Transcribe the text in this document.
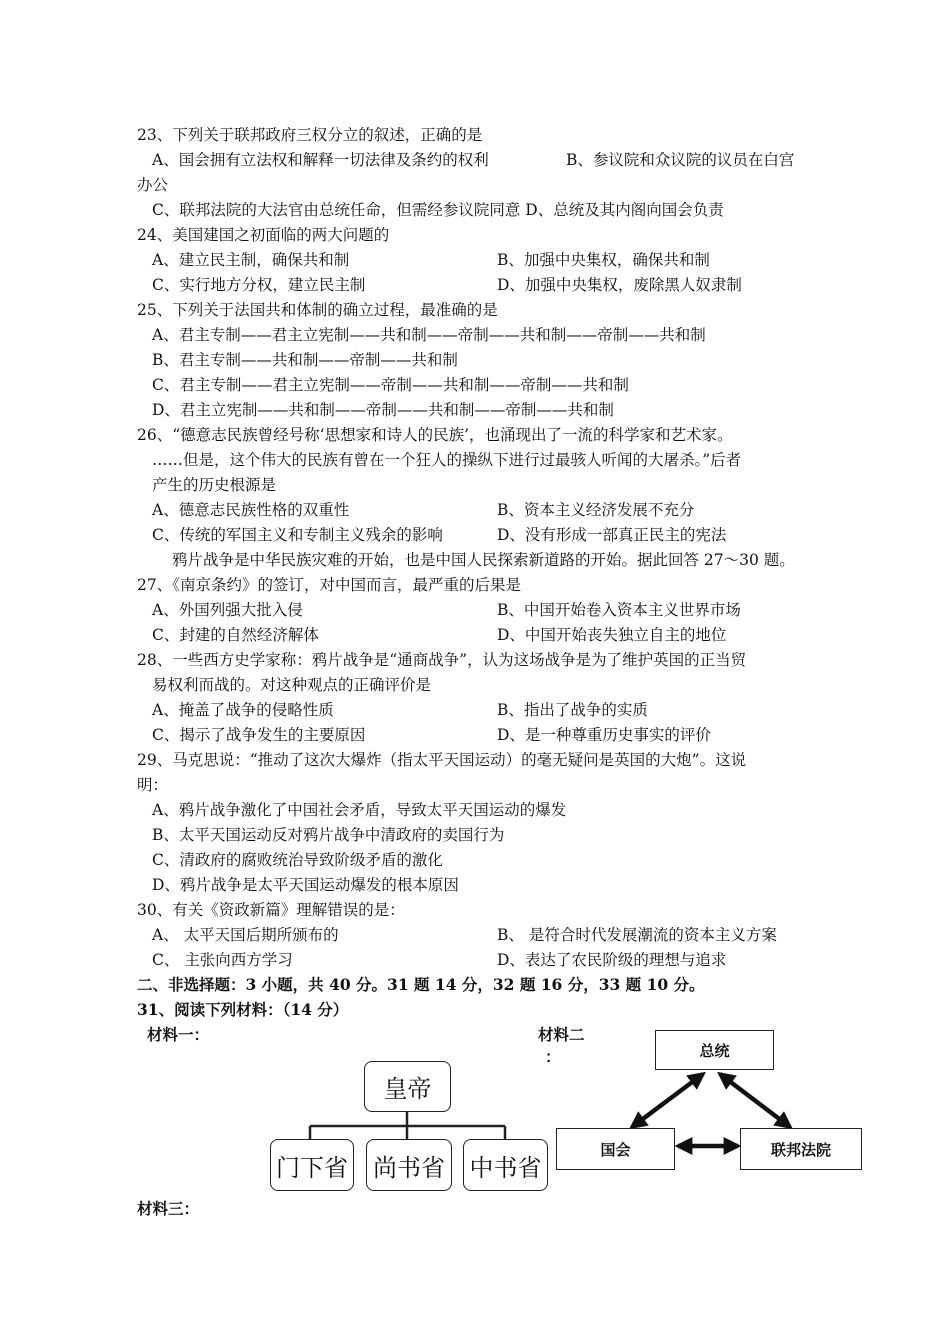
23、下列关于联邦政府三权分立的叙述，正确的是
A、国会拥有立法权和解释一切法律及条约的权利	B、参议院和众议院的议员在白宫
办公
C、联邦法院的大法官由总统任命，但需经参议院同意 D、总统及其内阁向国会负责
24、美国建国之初面临的两大问题的
A、建立民主制，确保共和制	B、加强中央集权，确保共和制
C、实行地方分权，建立民主制	D、加强中央集权，废除黑人奴隶制
25、下列关于法国共和体制的确立过程，最准确的是
A、君主专制——君主立宪制——共和制——帝制——共和制——帝制——共和制
B、君主专制——共和制——帝制——共和制
C、君主专制——君主立宪制——帝制——共和制——帝制——共和制
D、君主立宪制——共和制——帝制——共和制——帝制——共和制
26、“德意志民族曾经号称‘思想家和诗人的民族’，也涌现出了一流的科学家和艺术家。
……但是，这个伟大的民族有曾在一个狂人的操纵下进行过最骇人听闻的大屠杀。”后者
产生的历史根源是
A、德意志民族性格的双重性	B、资本主义经济发展不充分
C、传统的军国主义和专制主义残余的影响	D、没有形成一部真正民主的宪法
鸦片战争是中华民族灾难的开始，也是中国人民探索新道路的开始。据此回答 27～30 题。
27、《南京条约》的签订，对中国而言，最严重的后果是
A、外国列强大批入侵	B、中国开始卷入资本主义世界市场
C、封建的自然经济解体	D、中国开始丧失独立自主的地位
28、一些西方史学家称：鸦片战争是“通商战争”，认为这场战争是为了维护英国的正当贸
易权利而战的。对这种观点的正确评价是
A、掩盖了战争的侵略性质	B、指出了战争的实质
C、揭示了战争发生的主要原因	D、是一种尊重历史事实的评价
29、马克思说：“推动了这次大爆炸（指太平天国运动）的毫无疑问是英国的大炮”。这说
明：
A、鸦片战争激化了中国社会矛盾，导致太平天国运动的爆发
B、太平天国运动反对鸦片战争中清政府的卖国行为
C、清政府的腐败统治导致阶级矛盾的激化
D、鸦片战争是太平天国运动爆发的根本原因
30、有关《资政新篇》理解错误的是：
A、 太平天国后期所颁布的	B、 是符合时代发展潮流的资本主义方案
C、 主张向西方学习	D、表达了农民阶级的理想与追求
二、非选择题：3 小题，共 40 分。31 题 14 分，32 题 16 分，33 题 10 分。
31、阅读下列材料：（14 分）
材料一：
皇帝
门下省 尚书省 中书省
材料二
：	总统
国会	联邦法院
材料三：
